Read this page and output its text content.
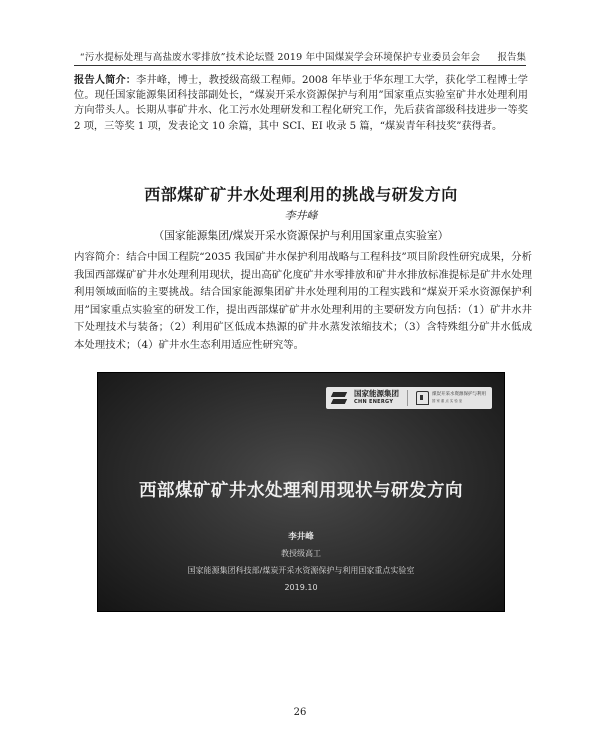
“污水提标处理与高盐废水零排放”技术论坛暨 2019 年中国煤炭学会环境保护专业委员会年会	报告集
报告人简介：李井峰，博士，教授级高级工程师。2008 年毕业于华东理工大学，获化学工程博士学位。现任国家能源集团科技部副处长，“煤炭开采水资源保护与利用”国家重点实验室矿井水处理利用方向带头人。长期从事矿井水、化工污水处理研发和工程化研究工作，先后获省部级科技进步一等奖 2 项，三等奖 1 项，发表论文 10 余篇，其中 SCI、EI 收录 5 篇，“煤炭青年科技奖”获得者。
西部煤矿矿井水处理利用的挑战与研发方向
李井峰
（国家能源集团/煤炭开采水资源保护与利用国家重点实验室）
内容简介：结合中国工程院“2035 我国矿井水保护利用战略与工程科技”项目阶段性研究成果，分析我国西部煤矿矿井水处理利用现状，提出高矿化度矿井水零排放和矿井水排放标准提标是矿井水处理利用领域面临的主要挑战。结合国家能源集团矿井水处理利用的工程实践和“煤炭开采水资源保护利用”国家重点实验室的研发工作，提出西部煤矿矿井水处理利用的主要研发方向包括：（1）矿井水井下处理技术与装备；（2）利用矿区低成本热源的矿井水蒸发浓缩技术；（3）含特殊组分矿井水低成本处理技术；（4）矿井水生态利用适应性研究等。
国家能源集团
CHN ENERGY
煤炭开采水资源保护与利用
国 家 重 点 实 验 室
西部煤矿矿井水处理利用现状与研发方向
李井峰
教授级高工
国家能源集团科技部/煤炭开采水资源保护与利用国家重点实验室
2019.10
26
